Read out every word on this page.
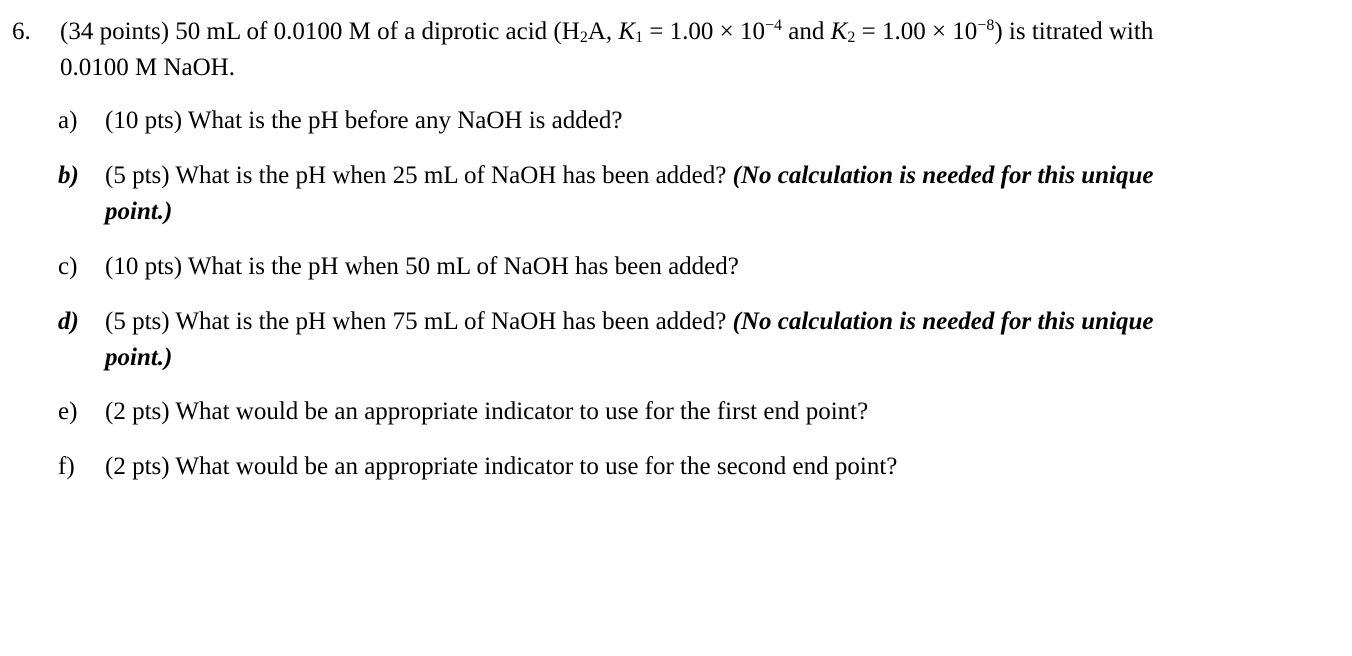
6. (34 points) 50 mL of 0.0100 M of a diprotic acid ($H_2A$, $K_1 = 1.00 \times 10^{-4}$ and $K_2 = 1.00 \times 10^{-8}$) is titrated with
0.0100 M NaOH.
a) (10 pts) What is the pH before any NaOH is added?
b) (5 pts) What is the pH when 25 mL of NaOH has been added? (No calculation is needed for this unique
point.)
c) (10 pts) What is the pH when 50 mL of NaOH has been added?
d) (5 pts) What is the pH when 75 mL of NaOH has been added? (No calculation is needed for this unique
point.)
e) (2 pts) What would be an appropriate indicator to use for the first end point?
f) (2 pts) What would be an appropriate indicator to use for the second end point?
